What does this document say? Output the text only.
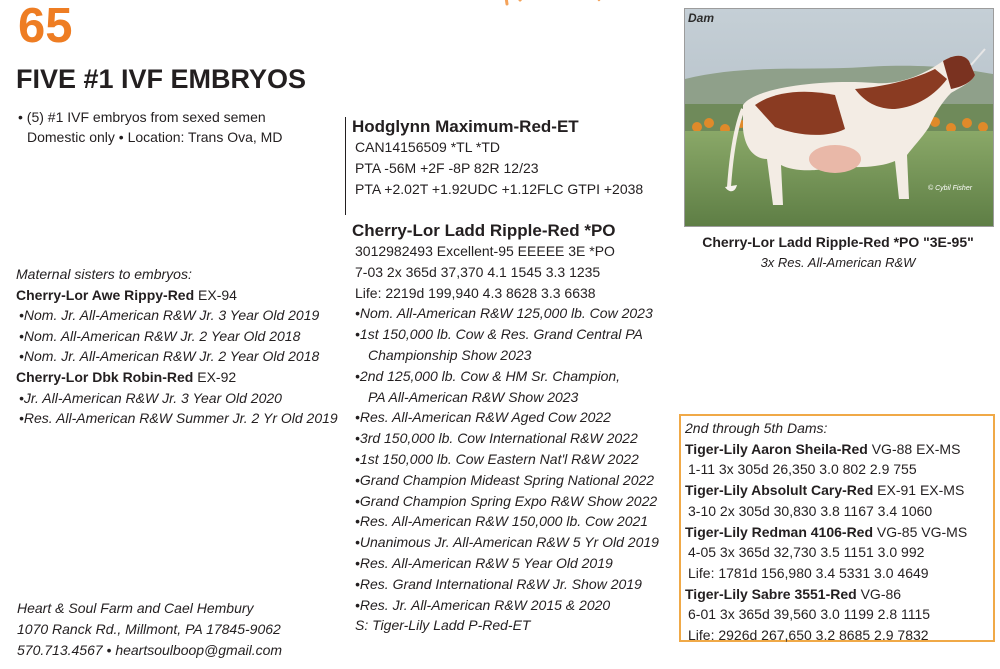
65
FIVE #1 IVF EMBRYOS
• (5) #1 IVF embryos from sexed semen
Domestic only • Location: Trans Ova, MD
Hodglynn Maximum-Red-ET
CAN14156509 *TL *TD
PTA -56M +2F -8P 82R 12/23
PTA +2.02T +1.92UDC +1.12FLC GTPI +2038
Cherry-Lor Ladd Ripple-Red *PO
3012982493 Excellent-95 EEEEE 3E *PO
7-03 2x 365d 37,370 4.1 1545 3.3 1235
Life: 2219d 199,940 4.3 8628 3.3 6638
•Nom. All-American R&W 125,000 lb. Cow 2023
•1st 150,000 lb. Cow & Res. Grand Central PA
Championship Show 2023
•2nd 125,000 lb. Cow & HM Sr. Champion,
PA All-American R&W Show 2023
•Res. All-American R&W Aged Cow 2022
•3rd 150,000 lb. Cow International R&W 2022
•1st 150,000 lb. Cow Eastern Nat'l R&W 2022
•Grand Champion Mideast Spring National 2022
•Grand Champion Spring Expo R&W Show 2022
•Res. All-American R&W 150,000 lb. Cow 2021
•Unanimous Jr. All-American R&W 5 Yr Old 2019
•Res. All-American R&W 5 Year Old 2019
•Res. Grand International R&W Jr. Show 2019
•Res. Jr. All-American R&W 2015 & 2020
S: Tiger-Lily Ladd P-Red-ET
Maternal sisters to embryos:
Cherry-Lor Awe Rippy-Red EX-94
•Nom. Jr. All-American R&W Jr. 3 Year Old 2019
•Nom. All-American R&W Jr. 2 Year Old 2018
•Nom. Jr. All-American R&W Jr. 2 Year Old 2018
Cherry-Lor Dbk Robin-Red EX-92
•Jr. All-American R&W Jr. 3 Year Old 2020
•Res. All-American R&W Summer Jr. 2 Yr Old 2019
Heart & Soul Farm and Cael Hembury
1070 Ranck Rd., Millmont, PA 17845-9062
570.713.4567 • heartsoulboop@gmail.com
Dam
© Cybil Fisher
Cherry-Lor Ladd Ripple-Red *PO "3E-95"
3x Res. All-American R&W
2nd through 5th Dams:
Tiger-Lily Aaron Sheila-Red VG-88 EX-MS
1-11 3x 305d 26,350 3.0 802 2.9 755
Tiger-Lily Absolult Cary-Red EX-91 EX-MS
3-10 2x 305d 30,830 3.8 1167 3.4 1060
Tiger-Lily Redman 4106-Red VG-85 VG-MS
4-05 3x 365d 32,730 3.5 1151 3.0 992
Life: 1781d 156,980 3.4 5331 3.0 4649
Tiger-Lily Sabre 3551-Red VG-86
6-01 3x 365d 39,560 3.0 1199 2.8 1115
Life: 2926d 267,650 3.2 8685 2.9 7832
